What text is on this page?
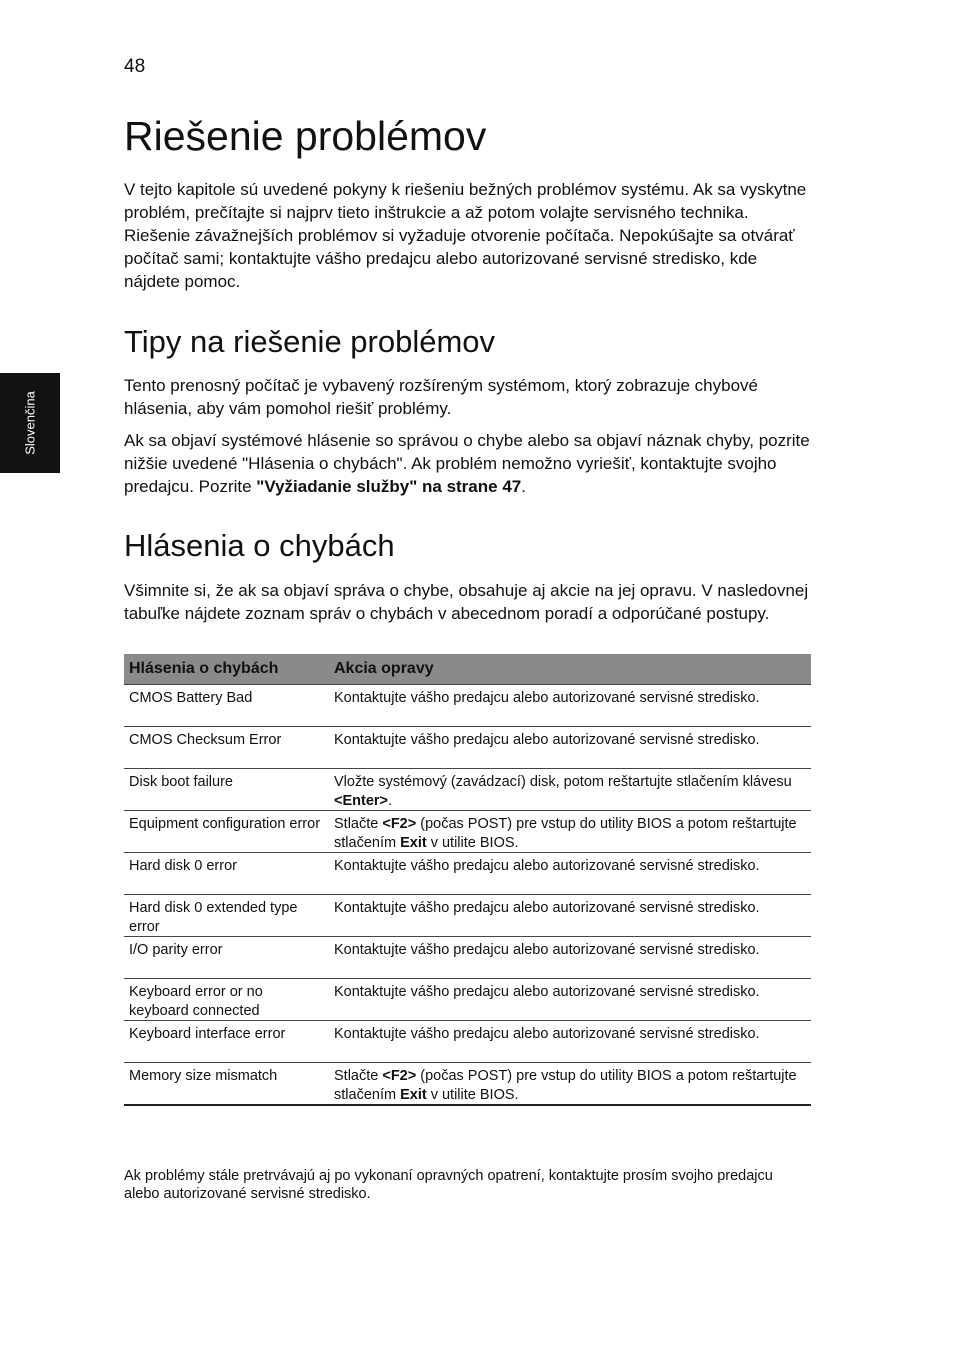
48
Slovenčina
Riešenie problémov

V tejto kapitole sú uvedené pokyny k riešeniu bežných problémov systému. Ak sa vyskytne problém, prečítajte si najprv tieto inštrukcie a až potom volajte servisného technika. Riešenie závažnejších problémov si vyžaduje otvorenie počítača. Nepokúšajte sa otvárať počítač sami; kontaktujte vášho predajcu alebo autorizované servisné stredisko, kde nájdete pomoc.

Tipy na riešenie problémov

Tento prenosný počítač je vybavený rozšíreným systémom, ktorý zobrazuje chybové hlásenia, aby vám pomohol riešiť problémy.

Ak sa objaví systémové hlásenie so správou o chybe alebo sa objaví náznak chyby, pozrite nižšie uvedené "Hlásenia o chybách". Ak problém nemožno vyriešiť, kontaktujte svojho predajcu. Pozrite "Vyžiadanie služby" na strane 47.

Hlásenia o chybách

Všimnite si, že ak sa objaví správa o chybe, obsahuje aj akcie na jej opravu. V nasledovnej tabuľke nájdete zoznam správ o chybách v abecednom poradí a odporúčané postupy.

Hlásenia o chybách	Akcia opravy
CMOS Battery Bad	Kontaktujte vášho predajcu alebo autorizované servisné stredisko.
CMOS Checksum Error	Kontaktujte vášho predajcu alebo autorizované servisné stredisko.
Disk boot failure	Vložte systémový (zavádzací) disk, potom reštartujte stlačením klávesu <Enter>.
Equipment configuration error	Stlačte <F2> (počas POST) pre vstup do utility BIOS a potom reštartujte stlačením Exit v utilite BIOS.
Hard disk 0 error	Kontaktujte vášho predajcu alebo autorizované servisné stredisko.
Hard disk 0 extended type error	Kontaktujte vášho predajcu alebo autorizované servisné stredisko.
I/O parity error	Kontaktujte vášho predajcu alebo autorizované servisné stredisko.
Keyboard error or no keyboard connected	Kontaktujte vášho predajcu alebo autorizované servisné stredisko.
Keyboard interface error	Kontaktujte vášho predajcu alebo autorizované servisné stredisko.
Memory size mismatch	Stlačte <F2> (počas POST) pre vstup do utility BIOS a potom reštartujte stlačením Exit v utilite BIOS.

Ak problémy stále pretrvávajú aj po vykonaní opravných opatrení, kontaktujte prosím svojho predajcu alebo autorizované servisné stredisko.
